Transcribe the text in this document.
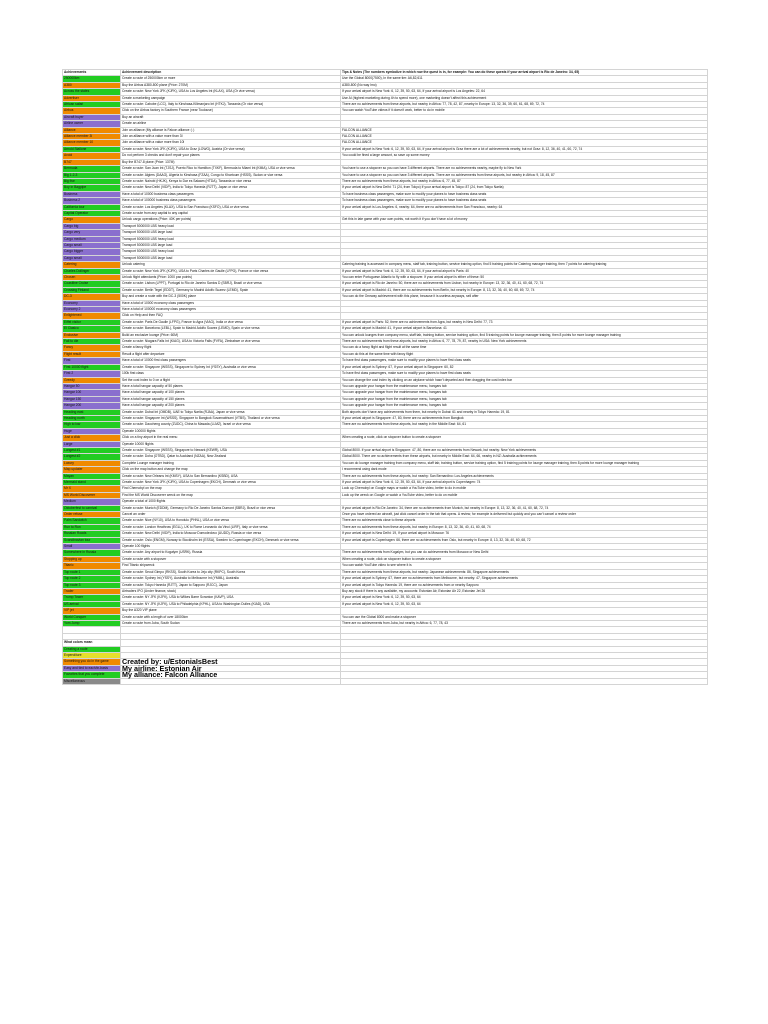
Achievements	Achievement description	Tips & Notes (The numbers symbolize in which row the quest is in, for example: You can do these quests if your arrival airport is Rio de Janeiro: 34, 65)
250000km	Create a route of 250000km or more	Use the Global 8000(7500), In the same tier: A6,82,611
A380	Buy the Airbus A380-800 plane (Price: 270M)	A380-800 (No way lmo)
Across the states	Create a route: New York JFK (KJFK), USA to Los Angeles Int (KLAX), USA (Or vice versa)	If your arrival airport is New York: 6, 12, 39, 50, 63, 64, If your arrival airport is Los Angeles: 22, 64
Advertiser	Create a marketing campaign	Use AI (highest marketing during 4h to spend more), one marketing doesn't affect this achievement
African safari	Create a route: Cabobe (LCC), Italy to Kinshasa-Kilimanjaro Int (HTKJ), Tanzania (Or vice versa)	There are no achievements from these airports, but nearby in Africa: 77, 78, 42, 87, nearby in Europe: 13, 32, 36, 39, 60, 61, 68, 69, 72, 74
Airbus	Click on the Airbus factory in Southern France (near Toulouse)	You can watch YouTube videos if it doesn't work, better to do in mobile
Aircraft buyer	Buy an aircraft	
Airline owner	Create an airline	
Alliance	Join an alliance (My alliance is Falcon alliance :) )	FALCON ALLIANCE
Alliance member 3I	Join an alliance with a value more than 3I	FALCON ALLIANCE
Alliance member 10	Join an alliance with a value more than 10I	FALCON ALLIANCE
Arnold Stallone	Create a route: New York JFK (KJFK), USA to Graz (LOWG), Austria (Or vice versa)	If your arrival airport is New York: 6, 12, 39, 50, 63, 64, If your arrival airport is Graz there are a lot of achievements nearby, but not Graz: 8, 12, 36, 40, 41, 60, 72, 74
Avoid	Do not perform 3 checks and don't repair your planes	You could be fined a large amount, so save up some money
B747	Buy the B747-8 plane (Price: 137M)	
Bermuda	Create a route: San Juan Int (TJSJ), Puerto Rico to Hamilton (TXKF), Bermuda to Miami Int (KMIA), USA or vice versa	You have to use a stopover so you can have 3 different airports. There are no achievements nearby, maybe fly to New York
Big 1-2-3	Create a route: Algiers (DAAG), Algeria to Kinshasa (FZAA), Congo to Khartoum (HSSS), Sudan or vice versa	You have to use a stopover so you can have 3 different airports. There are no achievements from these airports, but nearby in Africa: 9, 18, 45, 87
Big five	Create a route: Nairobi (HKJK), Kenya to Dar es Salaam (HTDA), Tanzania or vice versa	There are no achievements from these airports, but nearby in Africa: 6, 77, 45, 87
Boy in Bagpipe	Create a route: New Delhi (VIDP), India to Tokyo Haneda (RJTT), Japan or vice versa	If your arrival airport is New Delhi: 71 (24, from Tokyo) If your arrival airport is Tokyo: 87 (24, from Tokyo Narita)
Business	Have a total of 10000 business class passengers	To have business class passengers, make sure to modify your planes to have business class seats
Business 2	Have a total of 100000 business class passengers	To have business class passengers, make sure to modify your planes to have business class seats
California tour	Create a route: Los Angeles (KLAX), USA to San Francisco (KSFO), USA or vice versa	If your arrival airport is Los Angeles: 6, nearby: 64, there are no achievements from San Francisco, nearby: 64
Capital Operator	Create a route from any capital to any capital	
Cargo	Unlock cargo operations (Price: 40K per points)	Get this in late game with your own points, not worth it if you don't have a lot of money
Cargo big	Transport 5000000 LBS heavy load	
Cargo very	Transport 5000000 LBS large load	
Cargo medium	Transport 5000000 LBS heavy load	
Cargo small	Transport 5000000 LBS large load	
Cargo bigger	Transport 5000000 LBS heavy load	
Cargo small	Transport 5000000 LBS large load	
Catering	Unlock catering	Catering training is accessed in company menu, staff tab, training button, service training option, find 5 training points for Catering manager training, then 7 points for catering training
Charles Dollinger	Create a route: New York JFK (KJFK), USA to Paris Charles de Gaulle (LFPG), France or vice versa	If your arrival airport is New York: 6, 12, 39, 50, 63, 64, If your arrival airport is Paris: 40
Chosen	Unlock flight attendants (Price: 1000 pax points)	You can enter Portuguese Atlantic to fly with a stopover. If your arrival airport is either of these: 50
Coastline Cruise	Create a route: Lisbon (LPPT), Portugal to Rio de Janeiro Santos D (SBRJ), Brazil or vice versa	If your arrival airport is Rio de Janeiro: 50, there are no achievements from Lisbon, but nearby in Europe: 13, 32, 36, 40, 41, 60, 68, 72, 74
Crossing Finland	Create a route: Berlin Tegel (EDDT), Germany to Madrid Adolfo Suarez (LEMD), Spain	If your arrival airport is Madrid: 41, there are no achievements from Berlin, but nearby in Europe: 8, 13, 32, 36, 40, 60, 68, 69, 72, 74
DC-3	Buy and create a route with the DC-3 (500K) plane	You can do the Oneway achievement with this plane, because it is useless anyways, sell after
Economy	Have a total of 10000 economy class passengers	
Economy 2	Have a total of 100000 economy class passengers	
Enlightened	Click on Help and then FAQ	
Eiffel visitor	Create a route: Paris De Gaulle (LFPG), France to Agra (VIAG), India or vice versa	If your arrival airport is Paris: 52, there are no achievements from Agra, but nearby in New Delhi: 77, 73
El Clasico	Create a route: Barcelona (LEBL), Spain to Madrid Adolfo Suarez (LEMD), Spain or vice versa	If your arrival airport is Madrid: 41, If your arrival airport is Barcelona: 41
Exclusive	Build an exclusive lounge (Price: 60M)	You can unlock lounges from company menu, staff tab, training button, service training option, find 5 training points for lounge manager training, then 8 points for more lounge manager training
Fall to die	Create a route: Niagara Falls Int (KIAG), USA to Victoria Falls (FVFA), Zimbabwe or vice versa	There are no achievements from these airports, but nearby in Africa: 6, 77, 78, 79, 87, nearby in USA: New York achievements
Fancy	Create a fancy flight	You can do a fancy flight and flight result at the same time
Flight result	Result a flight after departure	You can do this at the same time with fancy flight
First	Have a total of 10000 first class passengers	To have first class passengers, make sure to modify your planes to have first class seats
First 10000 flight	Create a route: Singapore (WSSS), Singapore to Sydney Int (YSSY), Australia or vice versa	If your arrival airport is Sydney: 67, If your arrival airport is Singapore: 60, 82
First 2	100k first class	To have first class passengers, make sure to modify your planes to have first class seats
Greedy	Set the cost index to 0 on a flight	You can change the cost index by clicking on an airplane which hasn't departed and then dragging the cost index bar
Hangar 50	Have a total hangar capacity of 50 planes	You can upgrade your hangar from the maintenance menu, hangars tab
Hangar 100	Have a total hangar capacity of 100 planes	You can upgrade your hangar from the maintenance menu, hangars tab
Hangar 150	Have a total hangar capacity of 150 planes	You can upgrade your hangar from the maintenance menu, hangars tab
Hangar 200	Have a total hangar capacity of 200 planes	You can upgrade your hangar from the maintenance menu, hangars tab
Heading east	Create a route: Dubai Int (OMDB), UAE to Tokyo Narita (RJAA), Japan or vice versa	Both airports don't have any achievements from them, but nearby in Dubai: 61 and nearby in Tokyo Haneda: 19, 81
Heading north	Create a route: Singapore Int (WSSS), Singapore to Bangkok Suvarnabhumi (VTBS), Thailand or vice versa	If your arrival airport is Singapore: 47, 80, there are no achievements from Bangkok
High to low	Create a route: Daocheng county (ZUDC), China to Masada (LLMZ), Israel or vice versa	There are no achievements from these airports, but nearby in the Middle East: 64, 61
Huge	Operate 100000 flights	
Just a click	Click on a tiny airport in the real menu	When creating a route, click on stopover button to create a stopover
Large	Operate 10000 flights	
Longest #1	Create a route: Singapore (WSSS), Singapore to Newark (KEWR), USA	Global 8000. If your arrival airport is Singapore: 47, 80, there are no achievements from Newark, but nearby: New York achievements
Longest #2	Create a route: Doha (OTBD), Qatar to Auckland (NZAA), New Zealand	Global 8000. There are no achievements from these airports, but nearby in Middle East: 64, 66, nearby in NZ: Australia achievements
Luxury	Complete Lounge manager training	You can do lounge manager training from company menu, staff tab, training button, service training option, find 5 training points for lounge manager training, then 8 points for more lounge manager training
Map updater	Click on the map button and change the map	I recommend using dark mode
Mayan	Create a route: New Orleans Int (KMSY), USA to San Bernardino (KSBD), USA	There are no achievements from these airports, but nearby: San Bernardino: Los Angeles achievements
Mermaid stand	Create a route: New York JFK (KJFK), USA to Copenhagen (EKCH), Denmark or vice versa	If your arrival airport is New York: 6, 12, 39, 50, 63, 64, If your arrival airport is Copenhagen: 74
Mr X	Find Chernobyl on the map	Look up Chernobyl on Google maps or watch a YouTube video, better to do in mobile
MS World Discoverer	Find the MS World Discoverer wreck on the map	Look up the wreck on Google or watch a YouTube video, better to do on mobile
Medium	Operate a total of 1000 flights	
Oktoberfest to carnival	Create a route: Munich (EDDM), Germany to Rio De Janeiro Santos Dumont (SBRJ), Brazil or vice versa	If your arrival airport is Rio De Janeiro: 34, there are no achievements from Munich, but nearby in Europe: 8, 13, 32, 36, 40, 41, 60, 68, 72, 74
Order refuse	Cancel an order	Once you have ordered an aircraft, just click cancel order in the tab that opens. A review, for example is delivered but quickly and you can't cancel a review order
Palm Sandwich	Create a route: Nice (NY10), USA to Honolulu (PHNL), USA or vice versa	There are no achievements close to these airports
Run to Run	Create a route: London Heathrow (EGLL), UK to Rome Leonardo da Vinci (LIRF), Italy or vice versa	There are no achievements from these airports, but nearby in Europe: 8, 13, 32, 36, 40, 41, 60, 68, 74
Russian Roads	Create a route: New Delhi (VIDP), India to Moscow Domodedovo (UUDD), Russia or vice versa	If your arrival airport is New Delhi: 19, If your arrival airport is Moscow: 76
Scandinavian tour	Create a route: Oslo (ENGM), Norway to Stockholm Int (ESSA), Sweden to Copenhagen (EKCH), Denmark or vice versa	If your arrival airport is Copenhagen: 66, there are no achievements from Oslo, but nearby in Europe: 8, 13, 32, 36, 40, 60, 68, 72
Small	Operate 100 flights	
Somewhere in Russia	Create a route: Any airport to Kogalym (USRK), Russia	There are no achievements from Kogalym, but you can do achievements from Moscow or New Delhi
Stopping up	Create a route with a stopover	When creating a route, click on stopover button to create a stopover
Titanic	Find Titanic shipwreck	You can watch YouTube video to see where it is
Top route 1	Create a route: Seoul Gimpo (RKSS), South Korea to Jeju city (RKPC), South Korea	There are no achievements from these airports, but nearby: Japanese achievements: 86, Singapore achievements
Top route 2	Create a route: Sydney Int (YSSY), Australia to Melbourne Int (YMML), Australia	If your arrival airport is Sydney: 67, there are no achievements from Melbourne, but nearby: 47, Singapore achievements
Top route 3	Create a route: Tokyo Haneda (RJTT), Japan to Sapporo (RJCC), Japan	If your arrival airport is Tokyo Haneda: 19, there are no achievements from or nearby Sapporo
Trader	Airtraders IPO (Under finance, stock)	Buy any stock if there is any available, my accounts: Estonian Air, Estonian Air 22, Estonian Jet 26
Trump Tower	Create a route: NY JFK (KJFK), USA to Wilkes Barre Scranton (KAVP), USA	If your arrival airport is New York: 6, 12, 39, 50, 63, 64
US arrival	Create a route: NY JFK (KJFK), USA to Philadelphia (KPHL), USA to Washington Dulles (KIAD), USA	If your arrival airport is New York: 6, 12, 39, 50, 63, 64
VIP jet	Buy the A320 VIP plane	
World Conquer	Create a route with a length of over 18000km	You can use the Global 8000 and make a stopover
Yom Jump	Create a route from Juba, South Sudan	There are no achievements from Juba, but nearby in Africa: 6, 77, 78, 43

What colors mean		
Creating a route		
Expenditure		
Something you do in the game	Created by: u/EstoniaIsBest	
Easy and tied to each/in-basis	My airline: Estonian Air	
Favorites that you complete	My alliance: Falcon Alliance	
Miscellaneous		
